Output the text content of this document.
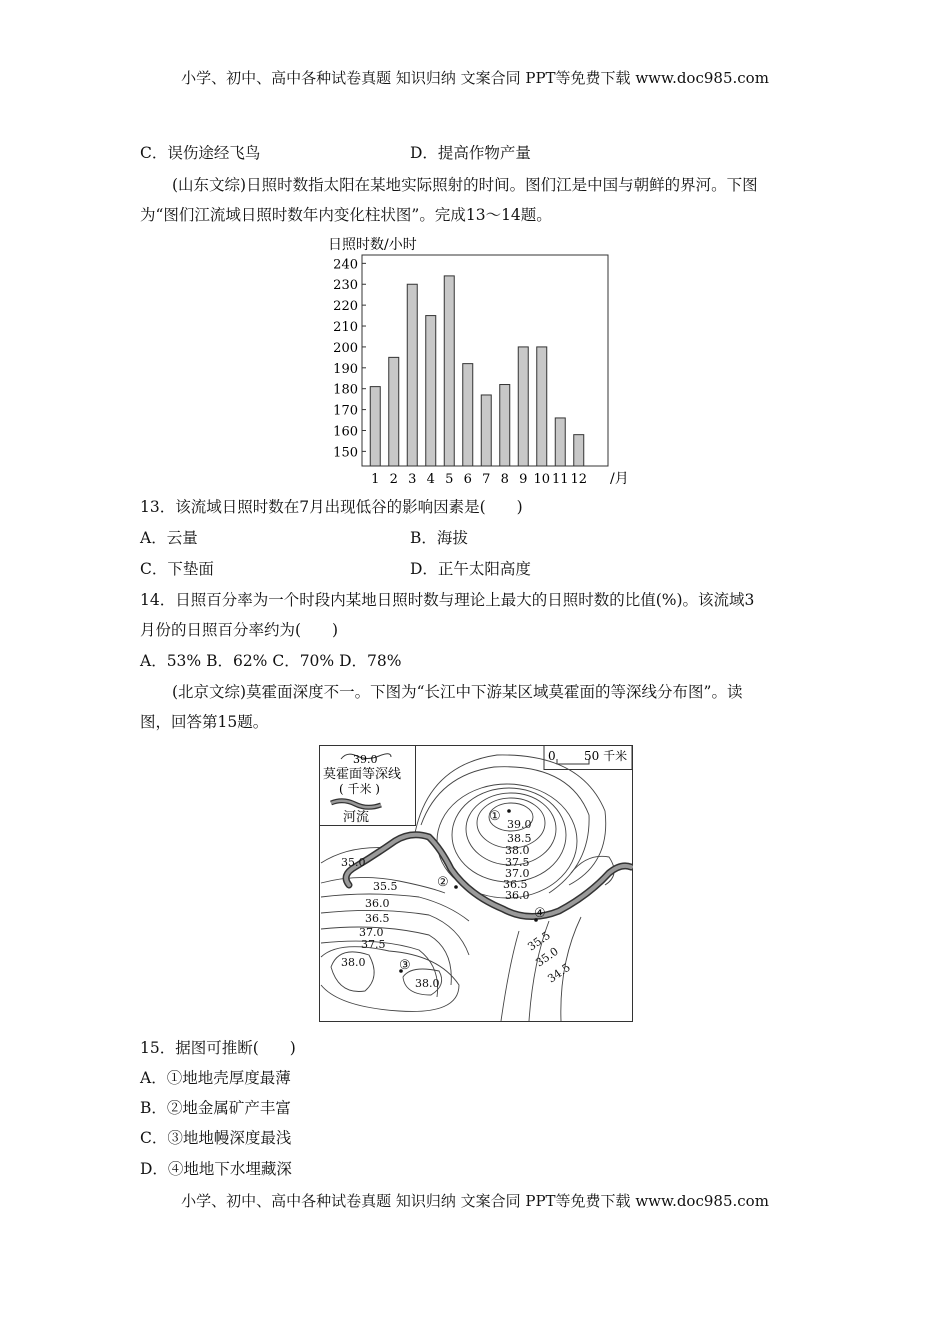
小学、初中、高中各种试卷真题 知识归纳 文案合同 PPT等免费下载 www.doc985.com
C．误伤途经飞鸟	D．提高作物产量
(山东文综)日照时数指太阳在某地实际照射的时间。图们江是中国与朝鲜的界河。下图
为“图们江流域日照时数年内变化柱状图”。完成13～14题。
日照时数/小时
150
160
170
180
190
200
210
220
230
240
1 2 3 4 5 6 7 8 9 10 11 12 /月
13．该流域日照时数在7月出现低谷的影响因素是(　　)
A．云量	B．海拔
C．下垫面	D．正午太阳高度
14．日照百分率为一个时段内某地日照时数与理论上最大的日照时数的比值(%)。该流域3
月份的日照百分率约为(　　)
A．53% B．62% C．70% D．78%
(北京文综)莫霍面深度不一。下图为“长江中下游某区域莫霍面的等深线分布图”。读
图，回答第15题。
39.0
莫霍面等深线
( 千米 )
河流
0 50 千米
39.0
38.5
38.0
37.5
37.0
36.5
36.0
35.0
35.5
36.0
36.5
37.0
37.5
38.0
38.0
35.5
35.0
34.5
①
②
③
④
15．据图可推断(　　)
A．①地地壳厚度最薄
B．②地金属矿产丰富
C．③地地幔深度最浅
D．④地地下水埋藏深
小学、初中、高中各种试卷真题 知识归纳 文案合同 PPT等免费下载 www.doc985.com
